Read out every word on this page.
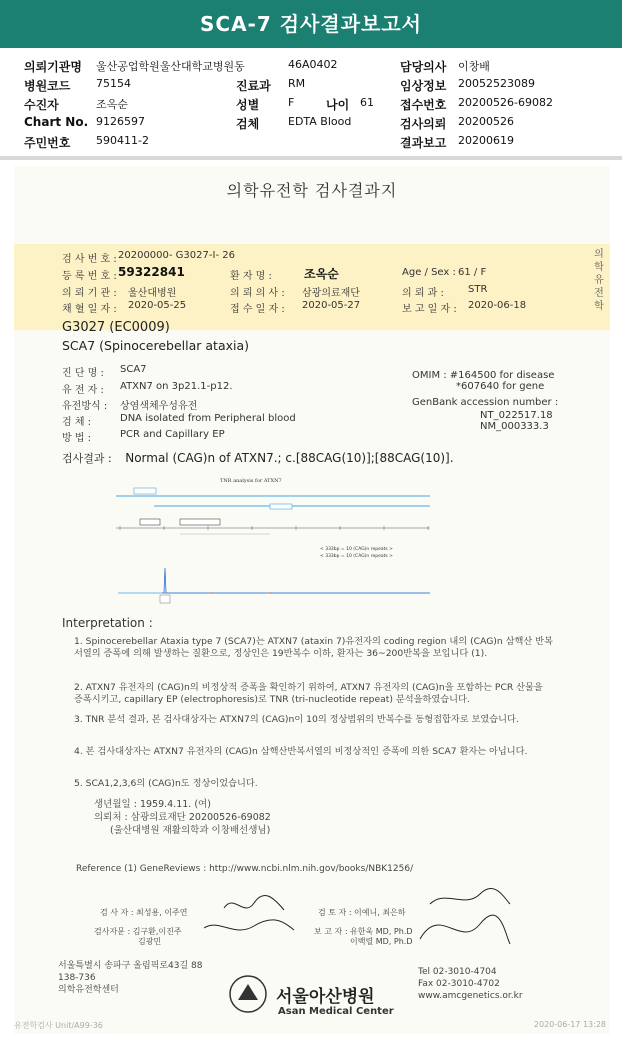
SCA-7 검사결과보고서
의뢰기관명 울산공업학원울산대학교병원동	46A0402	담당의사 이창배
병원코드 75154	진료과 RM	임상정보 20052523089
수진자	조옥순	성별	F	나이 61 접수번호 20200526-69082
Chart No. 9126597	검체	EDTA Blood	검사의뢰 20200526
주민번호 590411-2	결과보고 20200619
의학유전학 검사결과지
의학유전학
검 사 번 호 : 20200000- G3027-I- 26
등 록 번 호 : 59322841	환 자 명 :	조옥순	Age / Sex : 61 / F
의 뢰 기 관 : 울산대병원	의 뢰 의 사 : 삼광의료재단	의 뢰 과 : STR
채 혈 일 자 : 2020-05-25	접 수 일 자 : 2020-05-27	보 고 일 자 : 2020-06-18
G3027 (EC0009)
SCA7 (Spinocerebellar ataxia)
진 단 명 : SCA7
유 전 자 : ATXN7 on 3p21.1-p12.
유전방식 : 상염색체우성유전
검 체 :	DNA isolated from Peripheral blood
방 법 :	PCR and Capillary EP
OMIM : #164500 for disease
*607640 for gene
GenBank accession number :
NT_022517.18
NM_000333.3
검사결과 : Normal (CAG)n of ATXN7.; c.[88CAG(10)];[88CAG(10)].
TNR analysis for ATXN7
< 333bp = 10 (CAG)n repeats >
< 333bp = 10 (CAG)n repeats >
Interpretation :
1. Spinocerebellar Ataxia type 7 (SCA7)는 ATXN7 (ataxin 7)유전자의 coding region 내의 (CAG)n 삼핵산 반복서열의 증폭에 의해 발생하는 질환으로, 정상인은 19반복수 이하, 환자는 36~200반복을 보입니다 (1).
2. ATXN7 유전자의 (CAG)n의 비정상적 증폭을 확인하기 위하여, ATXN7 유전자의 (CAG)n을 포함하는 PCR 산물을 증폭시키고, capillary EP (electrophoresis)로 TNR (tri-nucleotide repeat) 분석을하였습니다.
3. TNR 분석 결과, 본 검사대상자는 ATXN7의 (CAG)n이 10의 정상범위의 반복수를 동형접합자로 보였습니다.
4. 본 검사대상자는 ATXN7 유전자의 (CAG)n 삼핵산반복서열의 비정상적인 증폭에 의한 SCA7 환자는 아닙니다.
5. SCA1,2,3,6의 (CAG)n도 정상이었습니다.
생년월일 : 1959.4.11. (여)
의뢰처 : 삼광의료재단 20200526-69082
(울산대병원 재활의학과 이창배선생님)
Reference (1) GeneReviews : http://www.ncbi.nlm.nih.gov/books/NBK1256/
검 사 자 : 최성용, 이주연
검사자문 : 김구환,이진주
김광민
검 토 자 : 이예니, 최은하
보 고 자 : 유한욱 MD, Ph.D
이백렬 MD, Ph.D
서울특별시 송파구 올림픽로43길 88
138-736
의학유전학센터
Tel 02-3010-4704
Fax 02-3010-4702
www.amcgenetics.or.kr
서울아산병원
Asan Medical Center
유전학검사 Unit/A99-36	2020-06-17 13:28
